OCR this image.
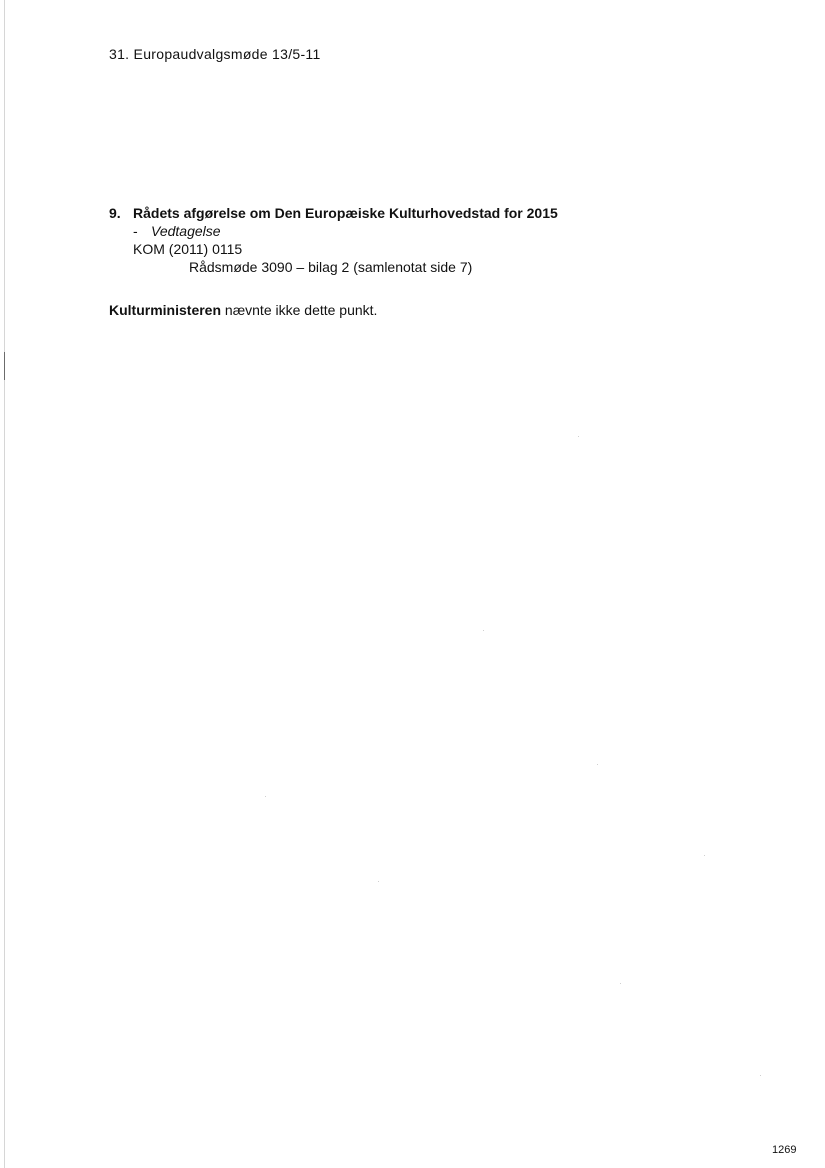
31. Europaudvalgsmøde 13/5-11
9. Rådets afgørelse om Den Europæiske Kulturhovedstad for 2015
- Vedtagelse
KOM (2011) 0115
Rådsmøde 3090 – bilag 2 (samlenotat side 7)
Kulturministeren nævnte ikke dette punkt.
1269
